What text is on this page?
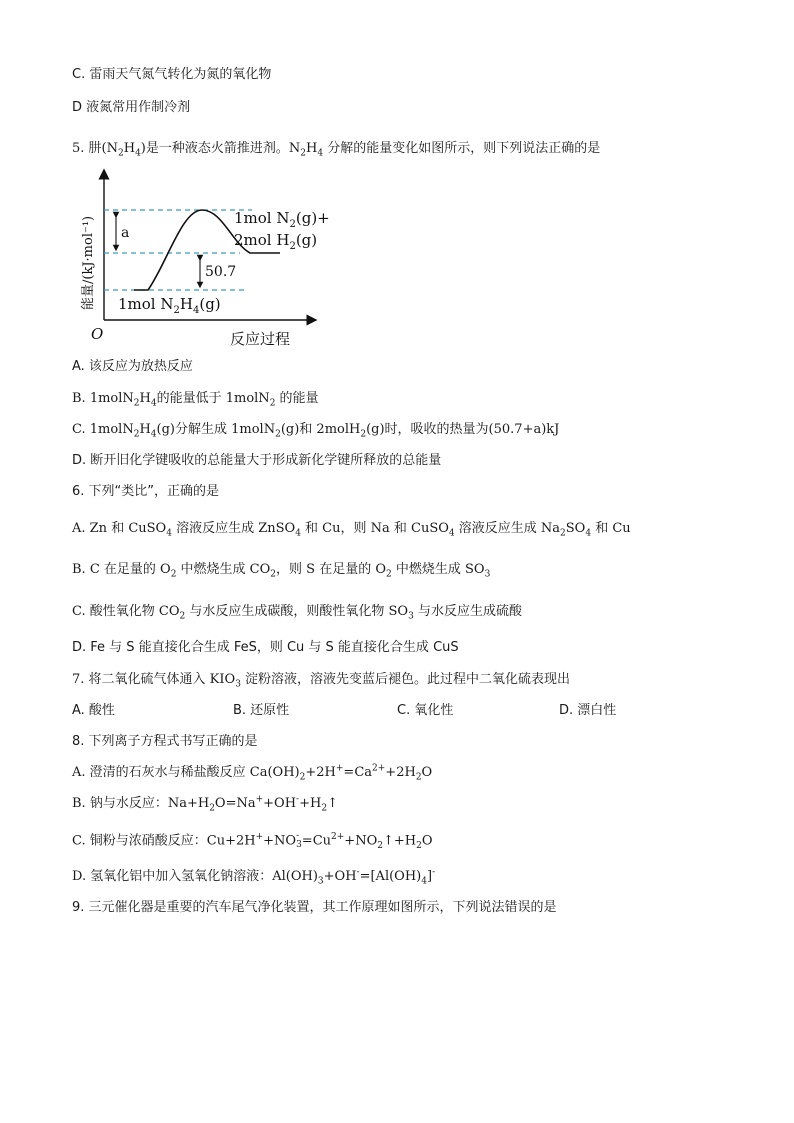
C. 雷雨天气氮气转化为氮的氧化物
D 液氮常用作制冷剂
5. 肼$(N_2H_4)$是一种液态火箭推进剂。$N_2H_4$ 分解的能量变化如图所示，则下列说法正确的是
a
50.7
1mol $N_2(g)+$
2mol $H_2(g)$
1mol $N_2H_4(g)$
O	反应过程
能量/(kJ·mol⁻¹)
A. 该反应为放热反应
B. $1molN_2H_4$的能量低于 1molN$_2$ 的能量
C. $1molN_2H_4(g)$分解生成 1molN$_2$(g)和 2molH$_2$(g)时，吸收的热量为(50.7+a)kJ
D. 断开旧化学键吸收的总能量大于形成新化学键所释放的总能量
6. 下列“类比”，正确的是
A. Zn 和 CuSO$_4$ 溶液反应生成 ZnSO$_4$ 和 Cu，则 Na 和 CuSO$_4$ 溶液反应生成 $Na_2SO_4$ 和 Cu
B. C 在足量的 $O_2$ 中燃烧生成 $CO_2$，则 S 在足量的 $O_2$ 中燃烧生成 $SO_3$
C. 酸性氧化物 $CO_2$ 与水反应生成碳酸，则酸性氧化物 $SO_3$ 与水反应生成硫酸
D. Fe 与 S 能直接化合生成 FeS，则 Cu 与 S 能直接化合生成 CuS
7. 将二氧化硫气体通入 $KIO_3$ 淀粉溶液，溶液先变蓝后褪色。此过程中二氧化硫表现出
A. 酸性	B. 还原性	C. 氧化性	D. 漂白性
8. 下列离子方程式书写正确的是
A. 澄清的石灰水与稀盐酸反应 $Ca(OH)_2+2H^+=Ca^{2+}+2H_2O$
B. 钠与水反应：$Na+H_2O=Na^++OH^-+H_2↑$
C. 铜粉与浓硝酸反应：Cu+2H++NO -
$3 =Cu^{2+}+NO_2↑+H_2O$
D. 氢氧化铝中加入氢氧化钠溶液：$Al(OH)_3+OH^-=[Al(OH)_4]^-$
9. 三元催化器是重要的汽车尾气净化装置，其工作原理如图所示，下列说法错误的是
